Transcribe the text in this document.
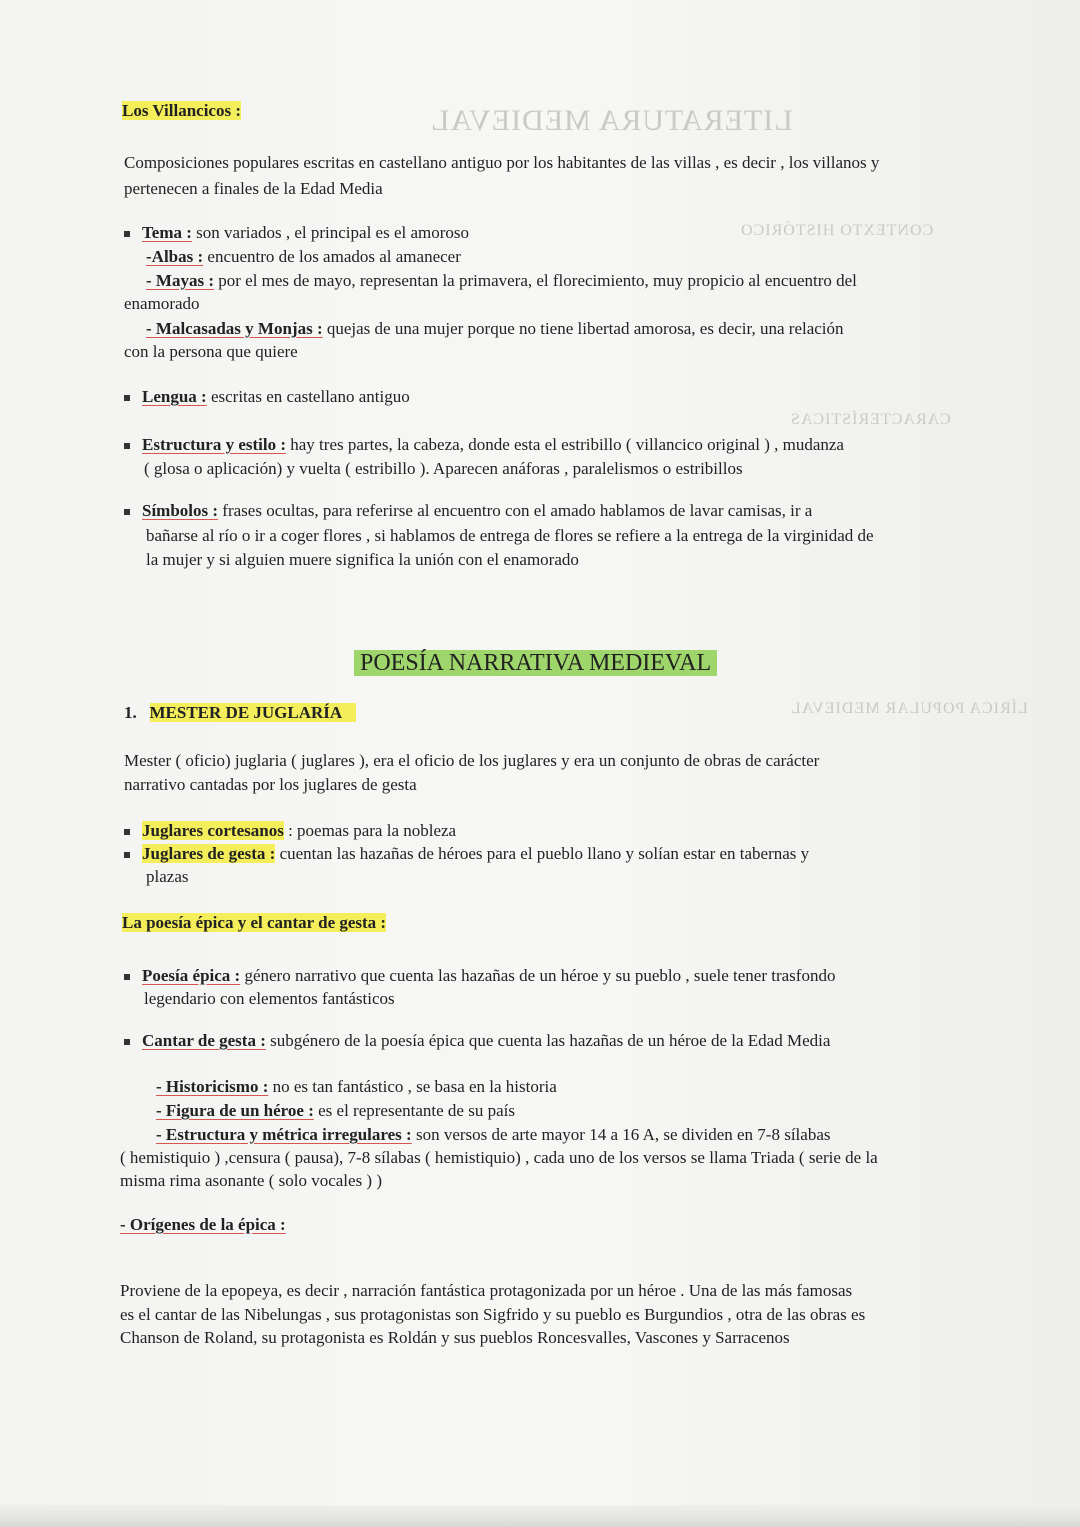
LITERATURA MEDIEVAL
CONTEXTO HISTÓRICO
CARACTERÍSTICAS
LÍRICA POPULAR MEDIEVAL
Los Villancicos :
Composiciones populares escritas en castellano antiguo por los habitantes de las villas , es decir , los villanos y
pertenecen a finales de la Edad Media
Tema : son variados , el principal es el amoroso
-Albas : encuentro de los amados al amanecer
- Mayas : por el mes de mayo, representan la primavera, el florecimiento, muy propicio al encuentro del
enamorado
- Malcasadas y Monjas : quejas de una mujer porque no tiene libertad amorosa, es decir, una relación
con la persona que quiere
Lengua : escritas en castellano antiguo
Estructura y estilo : hay tres partes, la cabeza, donde esta el estribillo ( villancico original ) , mudanza
( glosa o aplicación) y vuelta ( estribillo ). Aparecen anáforas , paralelismos o estribillos
Símbolos : frases ocultas, para referirse al encuentro con el amado hablamos de lavar camisas, ir a
bañarse al río o ir a coger flores , si hablamos de entrega de flores se refiere a la entrega de la virginidad de
la mujer y si alguien muere significa la unión con el enamorado
POESÍA NARRATIVA MEDIEVAL
1. MESTER DE JUGLARÍA
Mester ( oficio) juglaria ( juglares ), era el oficio de los juglares y era un conjunto de obras de carácter
narrativo cantadas por los juglares de gesta
Juglares cortesanos : poemas para la nobleza
Juglares de gesta : cuentan las hazañas de héroes para el pueblo llano y solían estar en tabernas y
plazas
La poesía épica y el cantar de gesta :
Poesía épica : género narrativo que cuenta las hazañas de un héroe y su pueblo , suele tener trasfondo
legendario con elementos fantásticos
Cantar de gesta : subgénero de la poesía épica que cuenta las hazañas de un héroe de la Edad Media
- Historicismo : no es tan fantástico , se basa en la historia
- Figura de un héroe : es el representante de su país
- Estructura y métrica irregulares : son versos de arte mayor 14 a 16 A, se dividen en 7-8 sílabas
( hemistiquio ) ,censura ( pausa), 7-8 sílabas ( hemistiquio) , cada uno de los versos se llama Triada ( serie de la
misma rima asonante ( solo vocales ) )
- Orígenes de la épica :
Proviene de la epopeya, es decir , narración fantástica protagonizada por un héroe . Una de las más famosas
es el cantar de las Nibelungas , sus protagonistas son Sigfrido y su pueblo es Burgundios , otra de las obras es
Chanson de Roland, su protagonista es Roldán y sus pueblos Roncesvalles, Vascones y Sarracenos
